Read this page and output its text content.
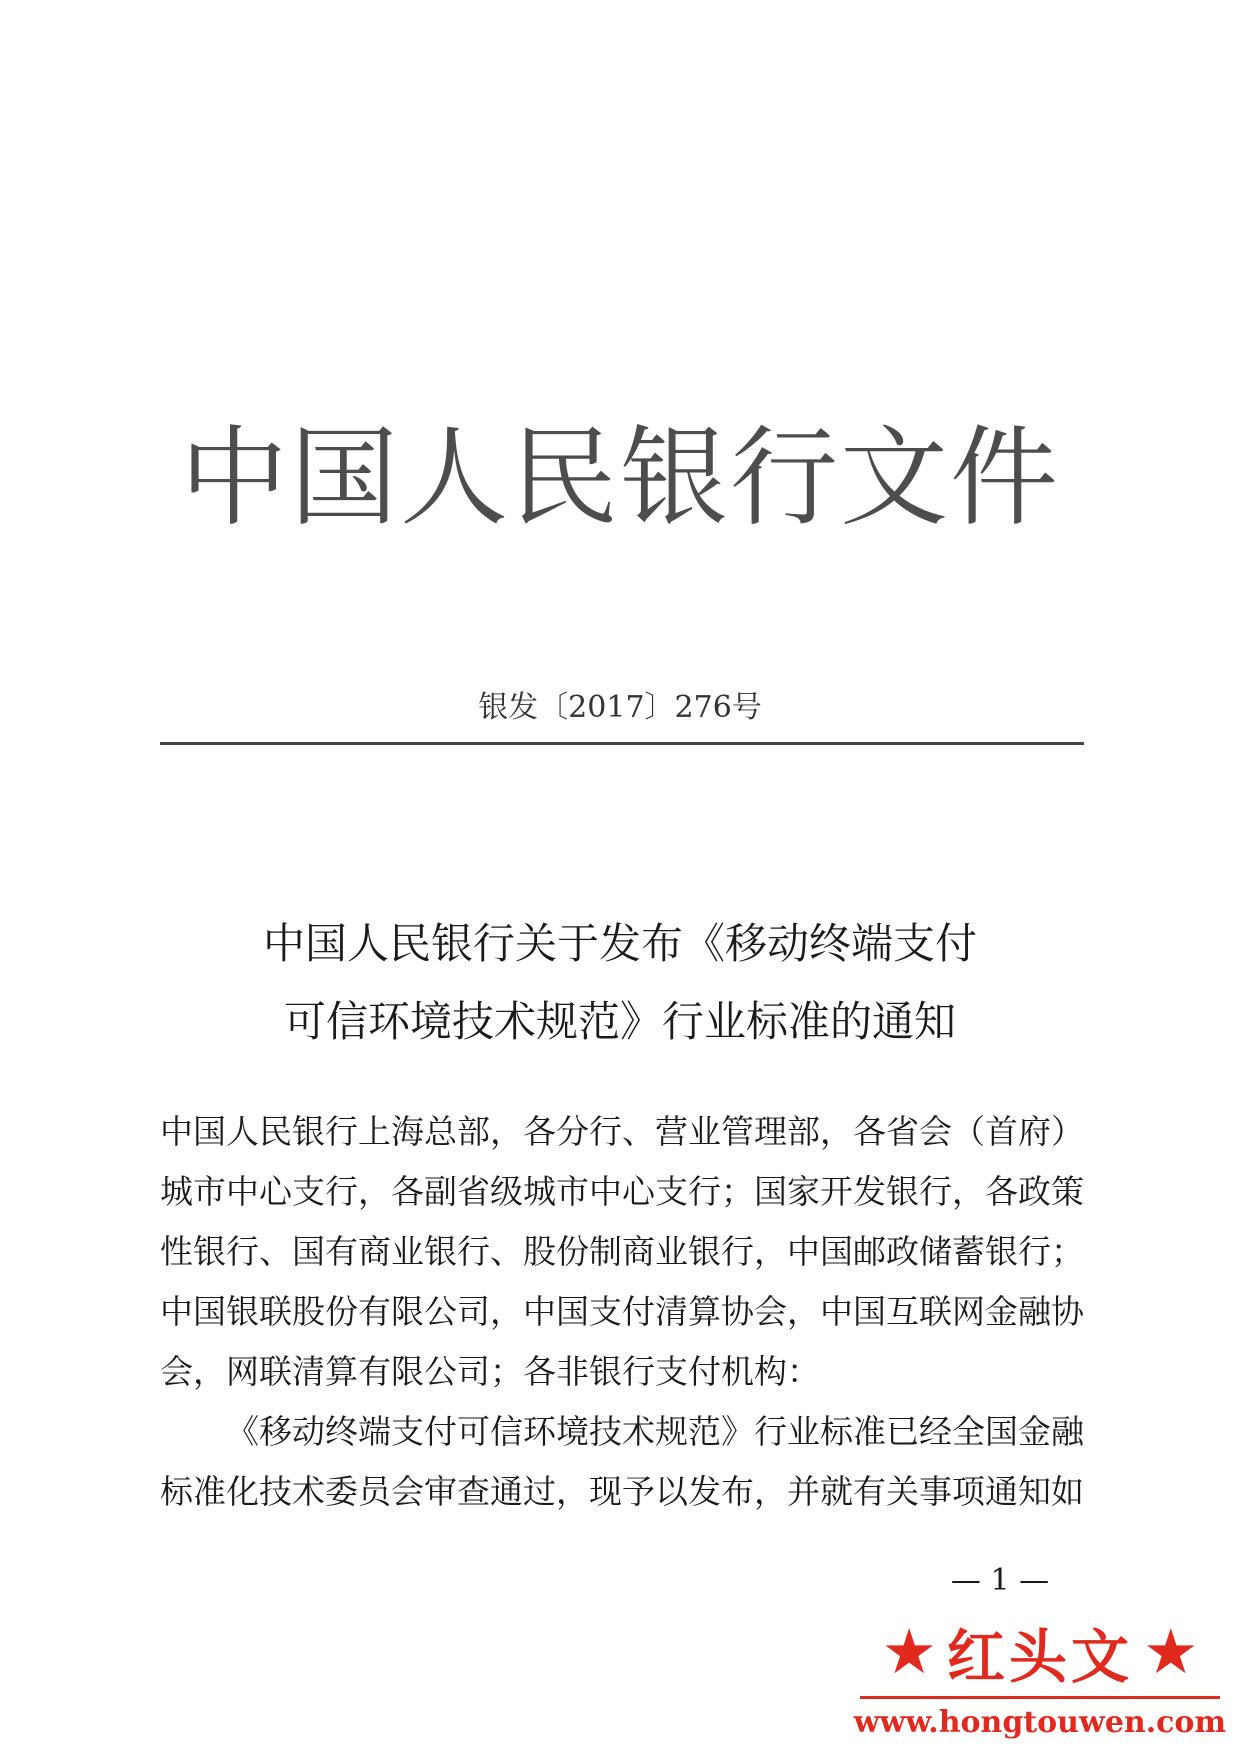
中国人民银行文件
银发〔2017〕276号
中国人民银行关于发布《移动终端支付
可信环境技术规范》行业标准的通知
中国人民银行上海总部，各分行、营业管理部，各省会（首府）
城市中心支行，各副省级城市中心支行；国家开发银行，各政策
性银行、国有商业银行、股份制商业银行，中国邮政储蓄银行；
中国银联股份有限公司，中国支付清算协会，中国互联网金融协
会，网联清算有限公司；各非银行支付机构：
《移动终端支付可信环境技术规范》行业标准已经全国金融
标准化技术委员会审查通过，现予以发布，并就有关事项通知如
— 1 —
★ 红头文 ★
www.hongtouwen.com
